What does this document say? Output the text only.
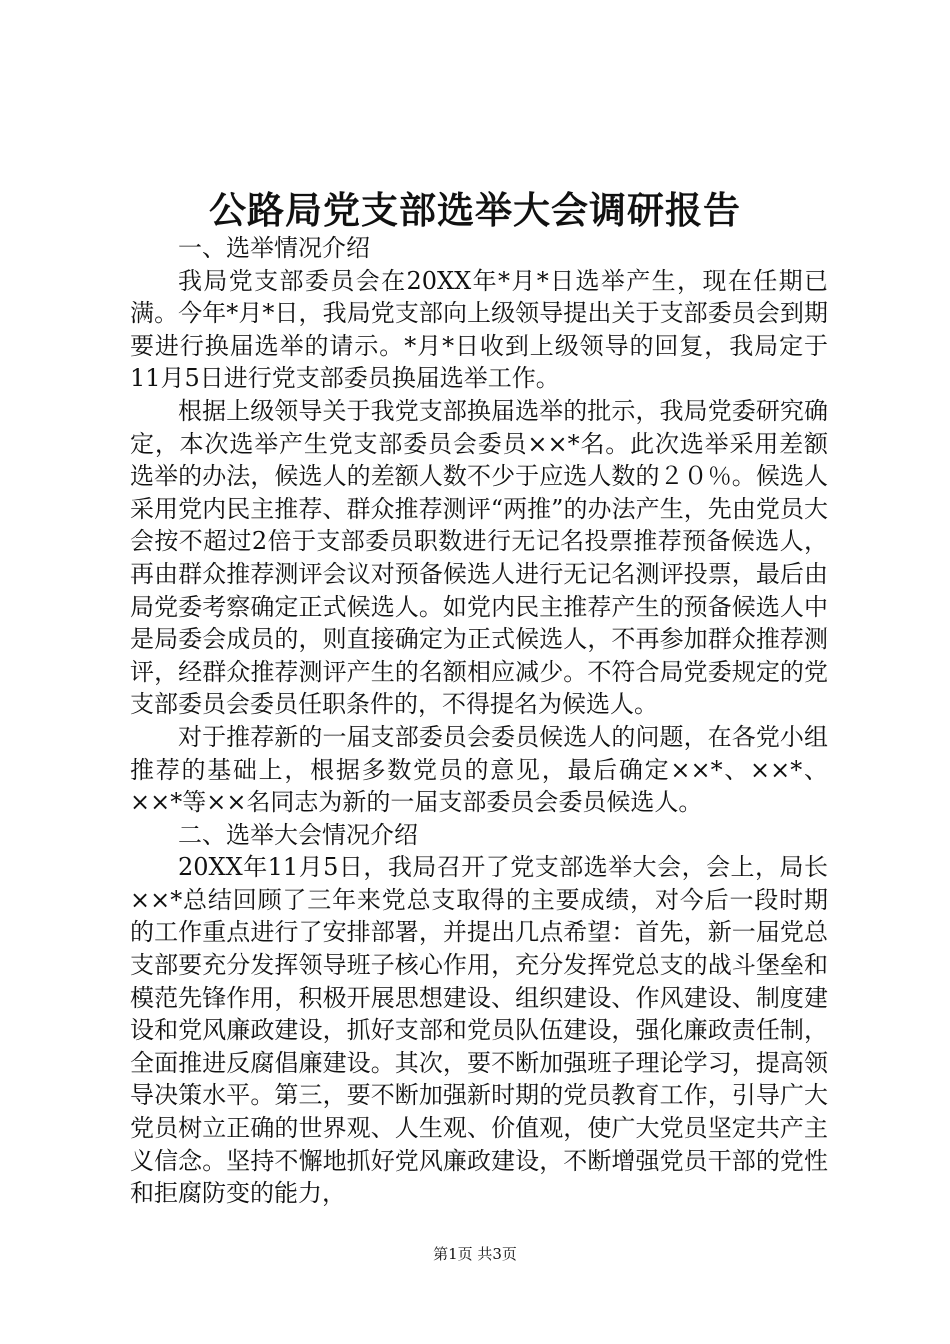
公路局党支部选举大会调研报告

一、选举情况介绍

我局党支部委员会在20XX年*月*日选举产生，现在任期已满。今年*月*日，我局党支部向上级领导提出关于支部委员会到期要进行换届选举的请示。*月*日收到上级领导的回复，我局定于11月5日进行党支部委员换届选举工作。

根据上级领导关于我党支部换届选举的批示，我局党委研究确定，本次选举产生党支部委员会委员××*名。此次选举采用差额选举的办法，候选人的差额人数不少于应选人数的２０％。候选人采用党内民主推荐、群众推荐测评“两推”的办法产生，先由党员大会按不超过2倍于支部委员职数进行无记名投票推荐预备候选人，再由群众推荐测评会议对预备候选人进行无记名测评投票，最后由局党委考察确定正式候选人。如党内民主推荐产生的预备候选人中是局委会成员的，则直接确定为正式候选人，不再参加群众推荐测评，经群众推荐测评产生的名额相应减少。不符合局党委规定的党支部委员会委员任职条件的，不得提名为候选人。

对于推荐新的一届支部委员会委员候选人的问题，在各党小组推荐的基础上，根据多数党员的意见，最后确定××*、××*、××*等××名同志为新的一届支部委员会委员候选人。

二、选举大会情况介绍

20XX年11月5日，我局召开了党支部选举大会，会上，局长××*总结回顾了三年来党总支取得的主要成绩，对今后一段时期的工作重点进行了安排部署，并提出几点希望：首先，新一届党总支部要充分发挥领导班子核心作用，充分发挥党总支的战斗堡垒和模范先锋作用，积极开展思想建设、组织建设、作风建设、制度建设和党风廉政建设，抓好支部和党员队伍建设，强化廉政责任制，全面推进反腐倡廉建设。其次，要不断加强班子理论学习，提高领导决策水平。第三，要不断加强新时期的党员教育工作，引导广大党员树立正确的世界观、人生观、价值观，使广大党员坚定共产主义信念。坚持不懈地抓好党风廉政建设，不断增强党员干部的党性和拒腐防变的能力，

第1页 共3页
